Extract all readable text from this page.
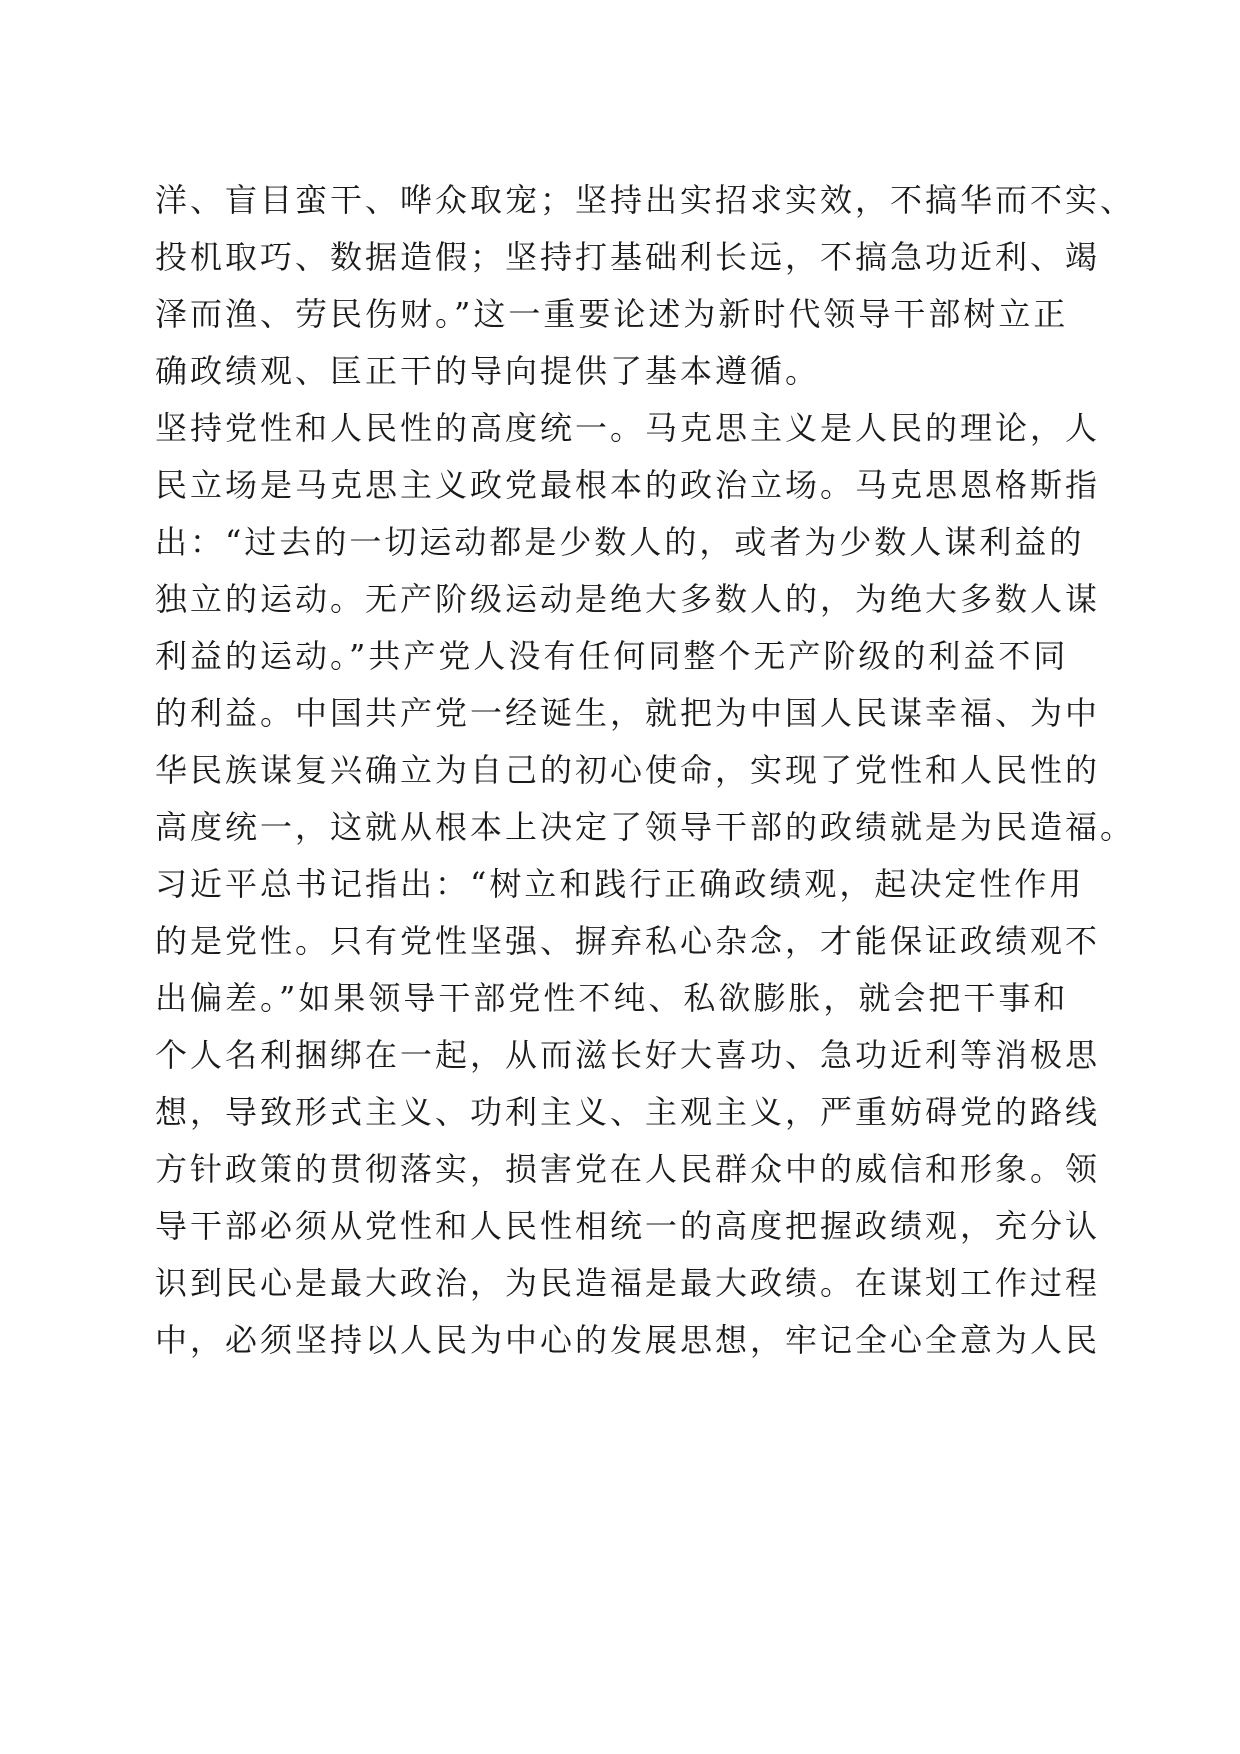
洋、盲目蛮干、哗众取宠；坚持出实招求实效，不搞华而不实、
投机取巧、数据造假；坚持打基础利长远，不搞急功近利、竭
泽而渔、劳民伤财。”这一重要论述为新时代领导干部树立正
确政绩观、匡正干的导向提供了基本遵循。
坚持党性和人民性的高度统一。马克思主义是人民的理论，人
民立场是马克思主义政党最根本的政治立场。马克思恩格斯指
出：“过去的一切运动都是少数人的，或者为少数人谋利益的
独立的运动。无产阶级运动是绝大多数人的，为绝大多数人谋
利益的运动。”共产党人没有任何同整个无产阶级的利益不同
的利益。中国共产党一经诞生，就把为中国人民谋幸福、为中
华民族谋复兴确立为自己的初心使命，实现了党性和人民性的
高度统一，这就从根本上决定了领导干部的政绩就是为民造福。
习近平总书记指出：“树立和践行正确政绩观，起决定性作用
的是党性。只有党性坚强、摒弃私心杂念，才能保证政绩观不
出偏差。”如果领导干部党性不纯、私欲膨胀，就会把干事和
个人名利捆绑在一起，从而滋长好大喜功、急功近利等消极思
想，导致形式主义、功利主义、主观主义，严重妨碍党的路线
方针政策的贯彻落实，损害党在人民群众中的威信和形象。领
导干部必须从党性和人民性相统一的高度把握政绩观，充分认
识到民心是最大政治，为民造福是最大政绩。在谋划工作过程
中，必须坚持以人民为中心的发展思想，牢记全心全意为人民
